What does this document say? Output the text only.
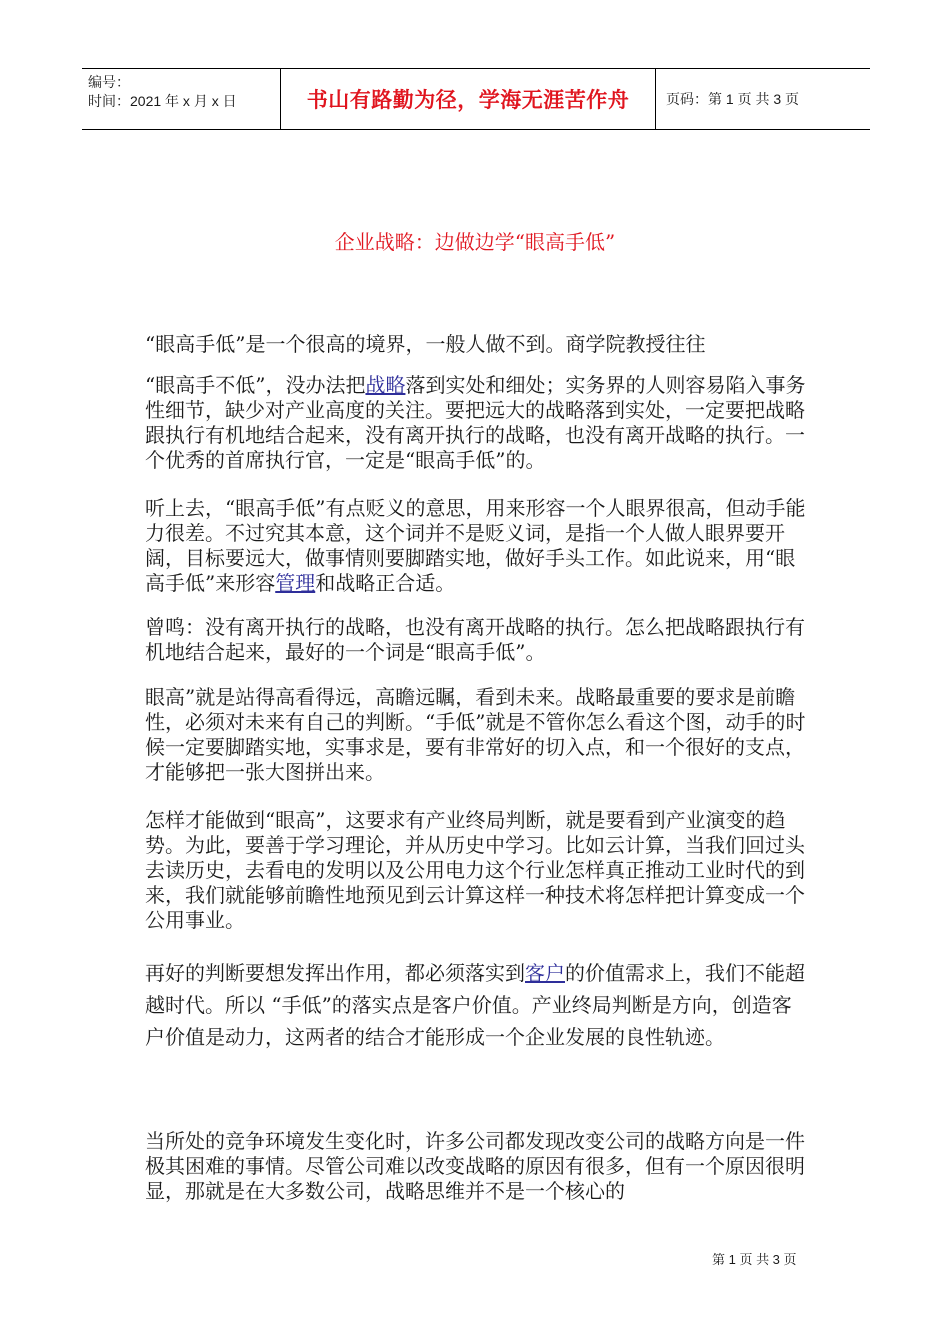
编号：
时间：2021 年 x 月 x 日	书山有路勤为径，学海无涯苦作舟	页码：第 1 页 共 3 页
企业战略：边做边学“眼高手低”

“眼高手低”是一个很高的境界，一般人做不到。商学院教授往往

“眼高手不低”，没办法把战略落到实处和细处；实务界的人则容易陷入事务性细节，缺少对产业高度的关注。要把远大的战略落到实处，一定要把战略跟执行有机地结合起来，没有离开执行的战略，也没有离开战略的执行。一个优秀的首席执行官，一定是“眼高手低”的。

听上去，“眼高手低”有点贬义的意思，用来形容一个人眼界很高，但动手能力很差。不过究其本意，这个词并不是贬义词，是指一个人做人眼界要开阔，目标要远大，做事情则要脚踏实地，做好手头工作。如此说来，用“眼高手低”来形容管理和战略正合适。

曾鸣：没有离开执行的战略，也没有离开战略的执行。怎么把战略跟执行有机地结合起来，最好的一个词是“眼高手低”。

眼高”就是站得高看得远，高瞻远瞩，看到未来。战略最重要的要求是前瞻性，必须对未来有自己的判断。“手低”就是不管你怎么看这个图，动手的时候一定要脚踏实地，实事求是，要有非常好的切入点，和一个很好的支点，才能够把一张大图拼出来。

怎样才能做到“眼高”，这要求有产业终局判断，就是要看到产业演变的趋势。为此，要善于学习理论，并从历史中学习。比如云计算，当我们回过头去读历史，去看电的发明以及公用电力这个行业怎样真正推动工业时代的到来，我们就能够前瞻性地预见到云计算这样一种技术将怎样把计算变成一个公用事业。

再好的判断要想发挥出作用，都必须落实到客户的价值需求上，我们不能超越时代。所以 “手低”的落实点是客户价值。产业终局判断是方向，创造客户价值是动力，这两者的结合才能形成一个企业发展的良性轨迹。

当所处的竞争环境发生变化时，许多公司都发现改变公司的战略方向是一件极其困难的事情。尽管公司难以改变战略的原因有很多，但有一个原因很明显，那就是在大多数公司，战略思维并不是一个核心的

第 1 页 共 3 页
